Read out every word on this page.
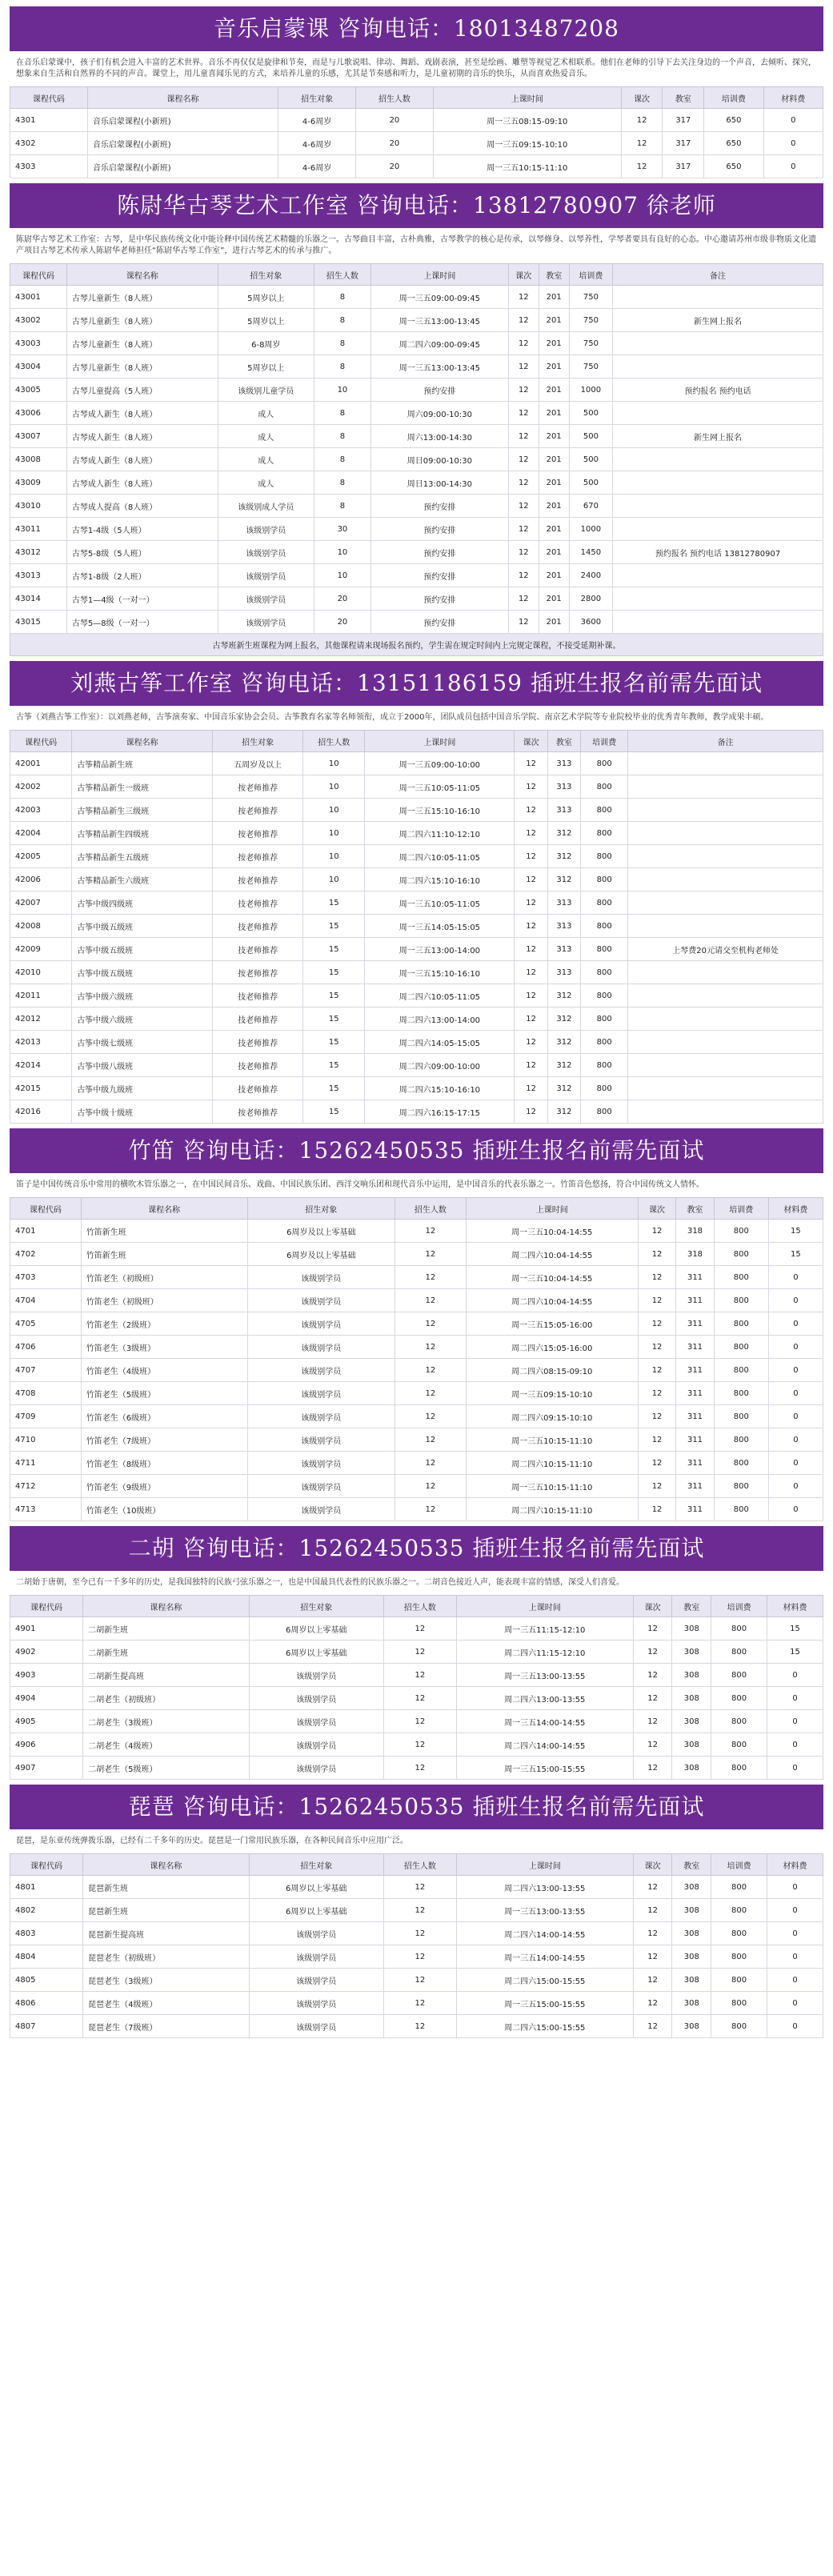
音乐启蒙课 咨询电话：18013487208
在音乐启蒙课中，孩子们有机会进入丰富的艺术世界。音乐不再仅仅是旋律和节奏，而是与儿歌说唱、律动、舞蹈、戏剧表演，甚至是绘画、雕塑等视觉艺术相联系。他们在老师的引导下去关注身边的一个声音，去倾听、探究，想象来自生活和自然界的不同的声音。课堂上，用儿童喜闻乐见的方式，来培养儿童的乐感，尤其是节奏感和听力，是儿童初期的音乐的快乐，从而喜欢热爱音乐。
课程代码	课程名称	招生对象	招生人数	上课时间	课次	教室	培训费	材料费
4301	音乐启蒙课程(小新班)	4-6周岁	20	周一三五08:15-09:10	12	317	650	0
4302	音乐启蒙课程(小新班)	4-6周岁	20	周一三五09:15-10:10	12	317	650	0
4303	音乐启蒙课程(小新班)	4-6周岁	20	周一三五10:15-11:10	12	317	650	0
陈尉华古琴艺术工作室 咨询电话：13812780907 徐老师
陈尉华古琴艺术工作室：古琴，是中华民族传统文化中能诠释中国传统艺术精髓的乐器之一。古琴曲目丰富，古朴典雅，古琴教学的核心是传承，以琴修身、以琴养性，学琴者要具有良好的心态。中心邀请苏州市级非物质文化遗产项目古琴艺术传承人陈尉华老师担任“陈尉华古琴工作室”，进行古琴艺术的传承与推广。
课程代码	课程名称	招生对象	招生人数	上课时间	课次	教室	培训费	备注
43001	古琴儿童新生（8人班）	5周岁以上	8	周一三五09:00-09:45	12	201	750	
43002	古琴儿童新生（8人班）	5周岁以上	8	周一三五13:00-13:45	12	201	750	新生网上报名
43003	古琴儿童新生（8人班）	6-8周岁	8	周二四六09:00-09:45	12	201	750	
43004	古琴儿童新生（8人班）	5周岁以上	8	周一三五13:00-13:45	12	201	750	
43005	古琴儿童提高（5人班）	该级别儿童学员	10	预约安排	12	201	1000	预约报名 预约电话
43006	古琴成人新生（8人班）	成人	8	周六09:00-10:30	12	201	500	
43007	古琴成人新生（8人班）	成人	8	周六13:00-14:30	12	201	500	新生网上报名
43008	古琴成人新生（8人班）	成人	8	周日09:00-10:30	12	201	500	
43009	古琴成人新生（8人班）	成人	8	周日13:00-14:30	12	201	500	
43010	古琴成人提高（8人班）	该级别成人学员	8	预约安排	12	201	670	
43011	古琴1-4级（5人班）	该级别学员	30	预约安排	12	201	1000	
43012	古琴5-8级（5人班）	该级别学员	10	预约安排	12	201	1450	预约报名 预约电话 13812780907
43013	古琴1-8级（2人班）	该级别学员	10	预约安排	12	201	2400	
43014	古琴1—4级（一对一）	该级别学员	20	预约安排	12	201	2800	
43015	古琴5—8级（一对一）	该级别学员	20	预约安排	12	201	3600	
古琴班新生班课程为网上报名，其他课程请来现场报名预约，学生需在规定时间内上完规定课程，不接受延期补课。
刘燕古筝工作室 咨询电话：13151186159 插班生报名前需先面试
古筝（刘燕古筝工作室）：以刘燕老师，古筝演奏家、中国音乐家协会会员、古筝教育名家等名师领衔，成立于2000年，团队成员包括中国音乐学院、南京艺术学院等专业院校毕业的优秀青年教师，教学成果丰硕。
课程代码	课程名称	招生对象	招生人数	上课时间	课次	教室	培训费	备注
42001	古筝精品新生班	五周岁及以上	10	周一三五09:00-10:00	12	313	800	
42002	古筝精品新生一级班	按老师推荐	10	周一三五10:05-11:05	12	313	800	
42003	古筝精品新生三级班	按老师推荐	10	周一三五15:10-16:10	12	313	800	
42004	古筝精品新生四级班	按老师推荐	10	周二四六11:10-12:10	12	312	800	
42005	古筝精品新生五级班	按老师推荐	10	周二四六10:05-11:05	12	312	800	
42006	古筝精品新生六级班	按老师推荐	10	周二四六15:10-16:10	12	312	800	
42007	古筝中级四级班	技老师推荐	15	周一三五10:05-11:05	12	313	800	
42008	古筝中级五级班	技老师推荐	15	周一三五14:05-15:05	12	313	800	
42009	古筝中级五级班	技老师推荐	15	周一三五13:00-14:00	12	313	800	上琴费20元请交至机构老师处
42010	古筝中级五级班	按老师推荐	15	周一三五15:10-16:10	12	313	800	
42011	古筝中级六级班	技老师推荐	15	周二四六10:05-11:05	12	312	800	
42012	古筝中级六级班	技老师推荐	15	周二四六13:00-14:00	12	312	800	
42013	古筝中级七级班	技老师推荐	15	周二四六14:05-15:05	12	312	800	
42014	古筝中级八级班	技老师推荐	15	周二四六09:00-10:00	12	312	800	
42015	古筝中级九级班	技老师推荐	15	周二四六15:10-16:10	12	312	800	
42016	古筝中级十级班	按老师推荐	15	周二四六16:15-17:15	12	312	800	
竹笛 咨询电话：15262450535 插班生报名前需先面试
笛子是中国传统音乐中常用的横吹木管乐器之一，在中国民间音乐、戏曲、中国民族乐团、西洋交响乐团和现代音乐中运用，是中国音乐的代表乐器之一。竹笛音色悠扬，符合中国传统文人情怀。
课程代码	课程名称	招生对象	招生人数	上课时间	课次	教室	培训费	材料费
4701	竹笛新生班	6周岁及以上零基础	12	周一三五10:04-14:55	12	318	800	15
4702	竹笛新生班	6周岁及以上零基础	12	周二四六10:04-14:55	12	318	800	15
4703	竹笛老生（初级班）	该级别学员	12	周一三五10:04-14:55	12	311	800	0
4704	竹笛老生（初级班）	该级别学员	12	周二四六10:04-14:55	12	311	800	0
4705	竹笛老生（2级班）	该级别学员	12	周一三五15:05-16:00	12	311	800	0
4706	竹笛老生（3级班）	该级别学员	12	周二四六15:05-16:00	12	311	800	0
4707	竹笛老生（4级班）	该级别学员	12	周二四六08:15-09:10	12	311	800	0
4708	竹笛老生（5级班）	该级别学员	12	周一三五09:15-10:10	12	311	800	0
4709	竹笛老生（6级班）	该级别学员	12	周二四六09:15-10:10	12	311	800	0
4710	竹笛老生（7级班）	该级别学员	12	周一三五10:15-11:10	12	311	800	0
4711	竹笛老生（8级班）	该级别学员	12	周二四六10:15-11:10	12	311	800	0
4712	竹笛老生（9级班）	该级别学员	12	周一三五10:15-11:10	12	311	800	0
4713	竹笛老生（10级班）	该级别学员	12	周二四六10:15-11:10	12	311	800	0
二胡 咨询电话：15262450535 插班生报名前需先面试
二胡始于唐朝，至今已有一千多年的历史，是我国独特的民族弓弦乐器之一，也是中国最具代表性的民族乐器之一。二胡音色接近人声，能表现丰富的情感，深受人们喜爱。
课程代码	课程名称	招生对象	招生人数	上课时间	课次	教室	培训费	材料费
4901	二胡新生班	6周岁以上零基础	12	周一三五11:15-12:10	12	308	800	15
4902	二胡新生班	6周岁以上零基础	12	周二四六11:15-12:10	12	308	800	15
4903	二胡新生提高班	该级别学员	12	周一三五13:00-13:55	12	308	800	0
4904	二胡老生（初级班）	该级别学员	12	周二四六13:00-13:55	12	308	800	0
4905	二胡老生（3级班）	该级别学员	12	周一三五14:00-14:55	12	308	800	0
4906	二胡老生（4级班）	该级别学员	12	周二四六14:00-14:55	12	308	800	0
4907	二胡老生（5级班）	该级别学员	12	周一三五15:00-15:55	12	308	800	0
琵琶 咨询电话：15262450535 插班生报名前需先面试
琵琶，是东亚传统弹拨乐器，已经有二千多年的历史。琵琶是一门常用民族乐器，在各种民间音乐中应用广泛。
课程代码	课程名称	招生对象	招生人数	上课时间	课次	教室	培训费	材料费
4801	琵琶新生班	6周岁以上零基础	12	周二四六13:00-13:55	12	308	800	0
4802	琵琶新生班	6周岁以上零基础	12	周一三五13:00-13:55	12	308	800	0
4803	琵琶新生提高班	该级别学员	12	周二四六14:00-14:55	12	308	800	0
4804	琵琶老生（初级班）	该级别学员	12	周一三五14:00-14:55	12	308	800	0
4805	琵琶老生（3级班）	该级别学员	12	周二四六15:00-15:55	12	308	800	0
4806	琵琶老生（4级班）	该级别学员	12	周一三五15:00-15:55	12	308	800	0
4807	琵琶老生（7级班）	该级别学员	12	周二四六15:00-15:55	12	308	800	0
